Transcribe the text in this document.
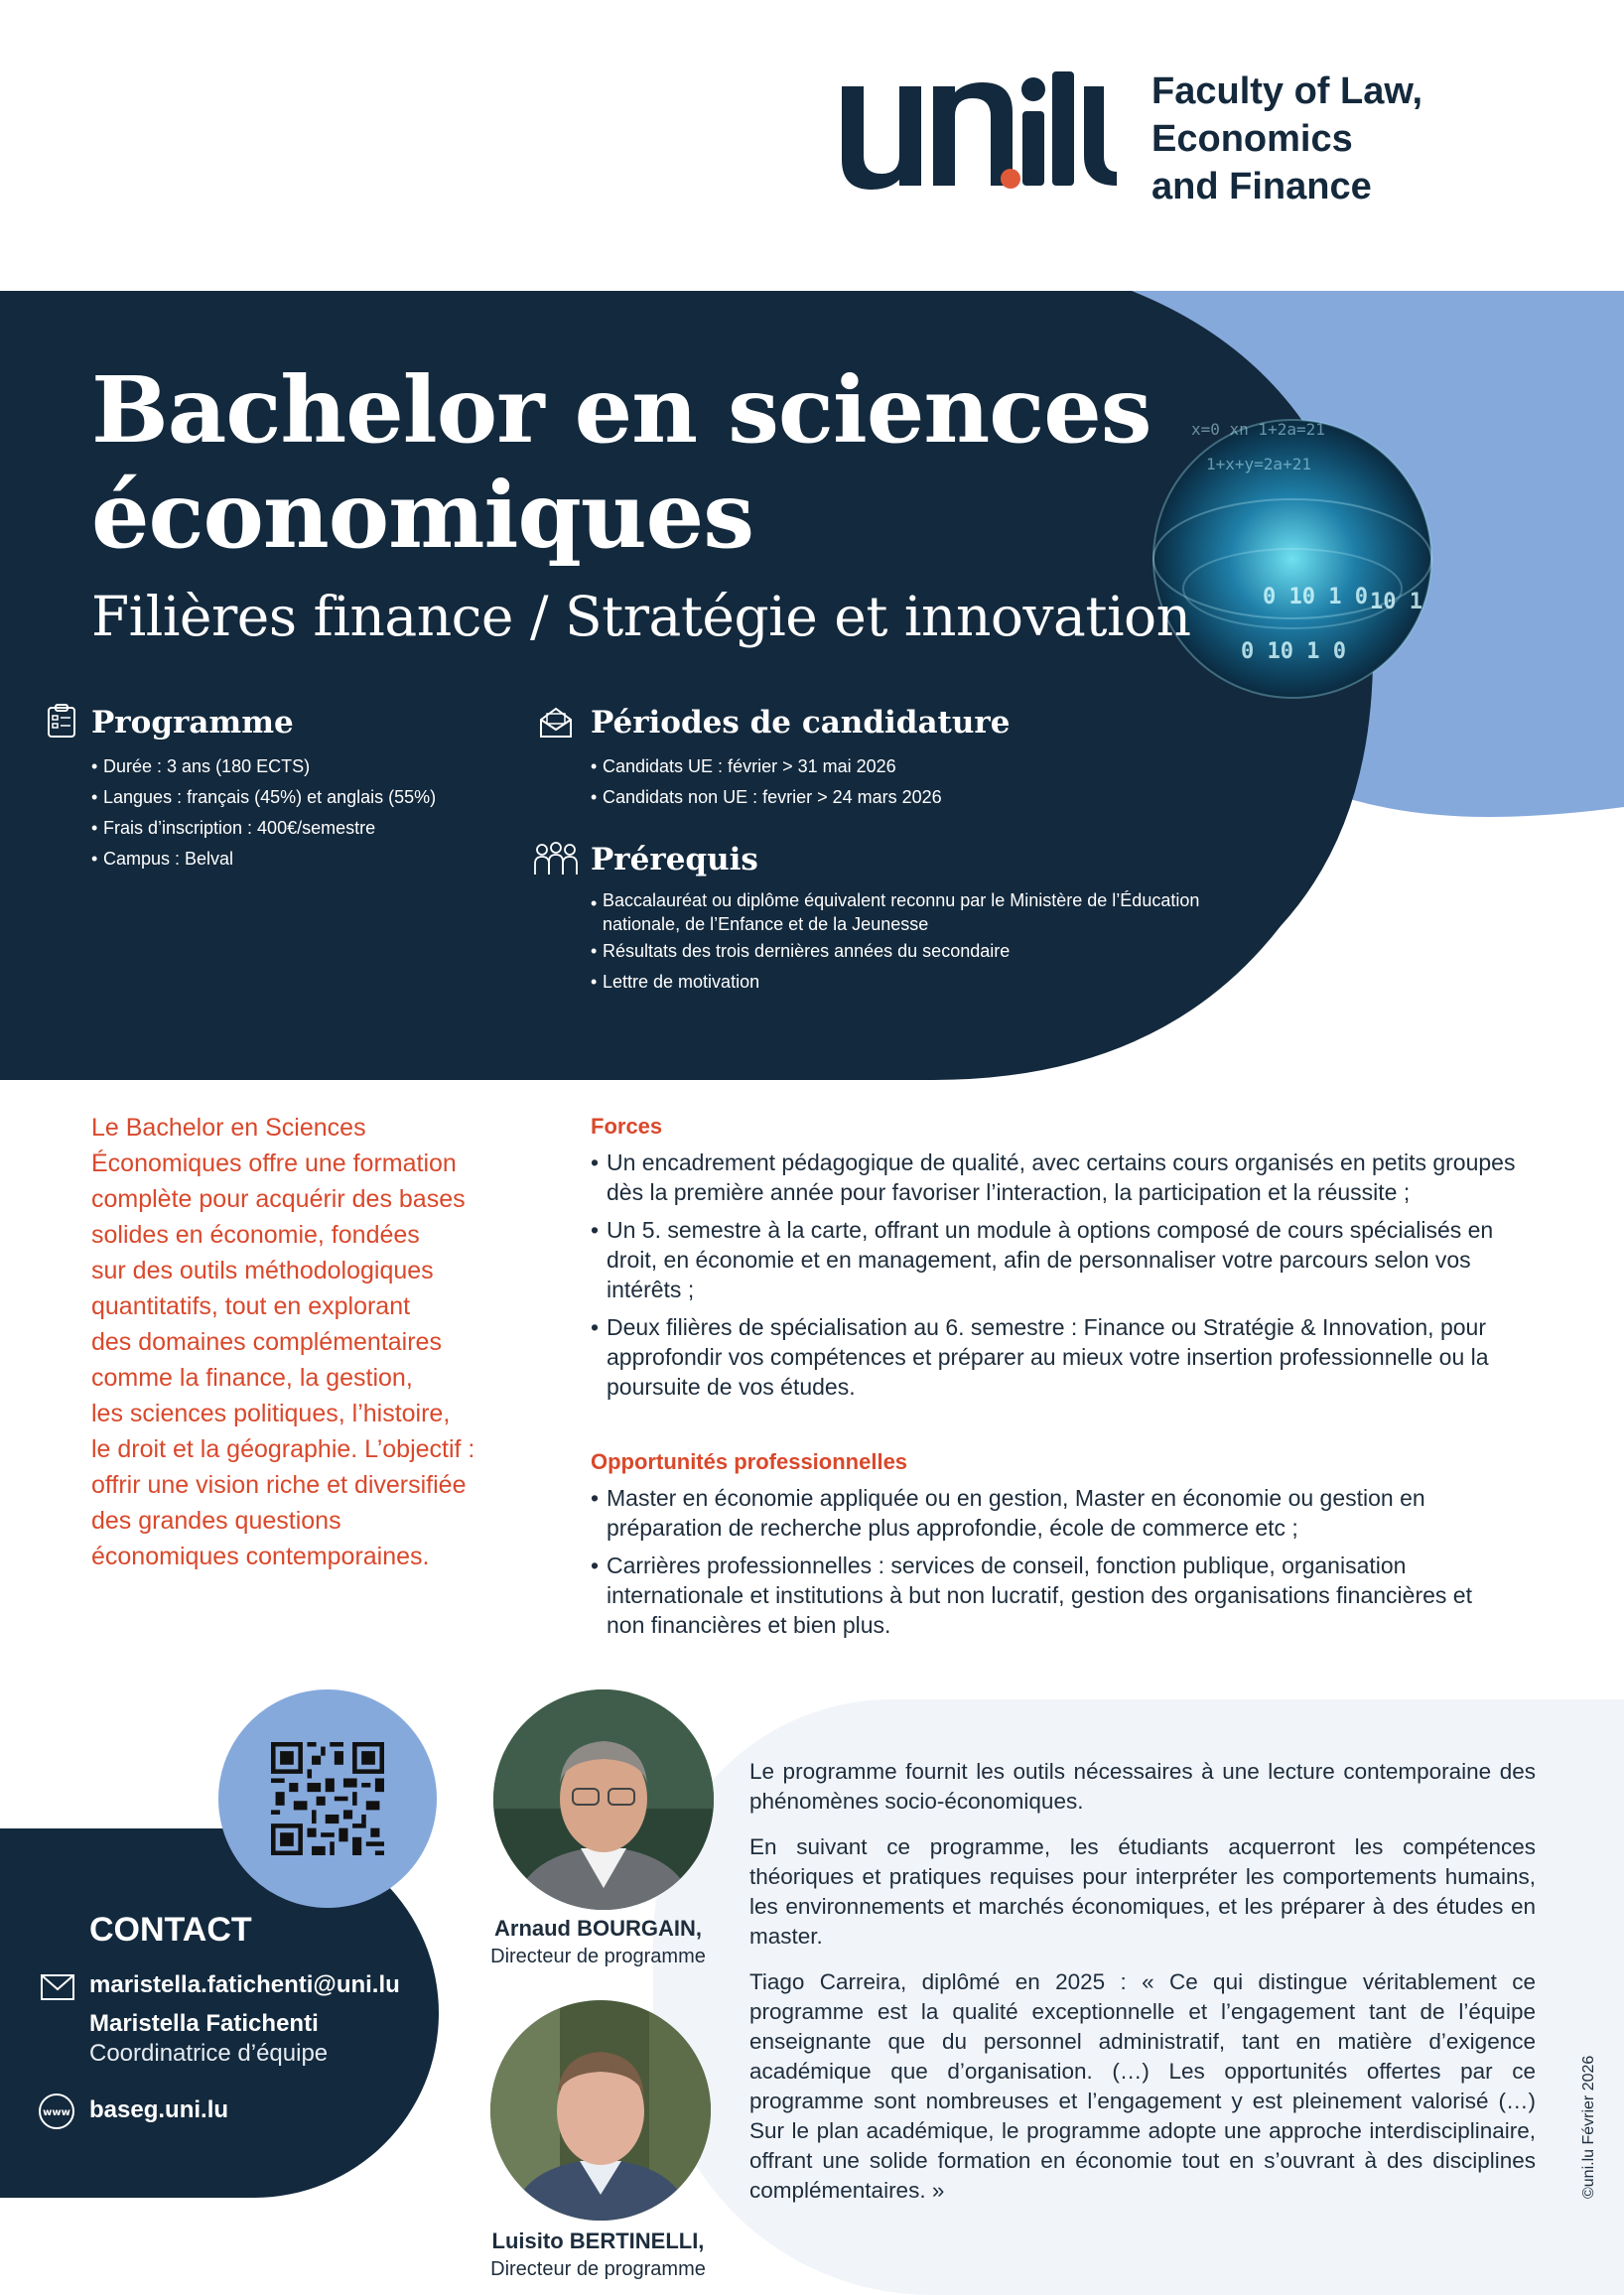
Faculty of Law,
Economics
and Finance
0 10 1 0 10 1
0 10 1 0
x=0 xn 1+2a=21
1+x+y=2a+21
Bachelor en sciences
économiques
Filières finance / Stratégie et innovation
Programme
• Durée : 3 ans (180 ECTS)
• Langues : français (45%) et anglais (55%)
• Frais d’inscription : 400€/semestre
• Campus : Belval
Périodes de candidature
• Candidats UE : février > 31 mai 2026
• Candidats non UE : fevrier > 24 mars 2026
Prérequis
• Baccalauréat ou diplôme équivalent reconnu par le Ministère de l’Éducation
nationale, de l’Enfance et de la Jeunesse
• Résultats des trois dernières années du secondaire
• Lettre de motivation
Le Bachelor en Sciences
Économiques offre une formation
complète pour acquérir des bases
solides en économie, fondées
sur des outils méthodologiques
quantitatifs, tout en explorant
des domaines complémentaires
comme la finance, la gestion,
les sciences politiques, l’histoire,
le droit et la géographie. L’objectif :
offrir une vision riche et diversifiée
des grandes questions
économiques contemporaines.
Forces
• Un encadrement pédagogique de qualité, avec certains cours organisés en petits groupes dès la première année pour favoriser l’interaction, la participation et la réussite ;
• Un 5. semestre à la carte, offrant un module à options composé de cours spécialisés en droit, en économie et en management, afin de personnaliser votre parcours selon vos intérêts ;
• Deux filières de spécialisation au 6. semestre : Finance ou Stratégie & Innovation, pour approfondir vos compétences et préparer au mieux votre insertion professionnelle ou la poursuite de vos études.
Opportunités professionnelles
• Master en économie appliquée ou en gestion, Master en économie ou gestion en préparation de recherche plus approfondie, école de commerce etc ;
• Carrières professionnelles : services de conseil, fonction publique, organisation internationale et institutions à but non lucratif, gestion des organisations financières et non financières et bien plus.
CONTACT
maristella.fatichenti@uni.lu
Maristella Fatichenti
Coordinatrice d’équipe
www baseg.uni.lu
Arnaud BOURGAIN,
Directeur de programme
Luisito BERTINELLI,
Directeur de programme

Le programme fournit les outils nécessaires à une lecture contemporaine des phénomènes socio-économiques.

En suivant ce programme, les étudiants acquerront les compétences théoriques et pratiques requises pour interpréter les comportements humains, les environnements et marchés économiques, et les préparer à des études en master.

Tiago Carreira, diplômé en 2025 : « Ce qui distingue véritablement ce programme est la qualité exceptionnelle et l’engagement tant de l’équipe enseignante que du personnel administratif, tant en matière d’exigence académique que d’organisation. (…) Les opportunités offertes par ce programme sont nombreuses et l’engagement y est pleinement valorisé (…) Sur le plan académique, le programme adopte une approche interdisciplinaire, offrant une solide formation en économie tout en s’ouvrant à des disciplines complémentaires. »	©uni.lu Février 2026
